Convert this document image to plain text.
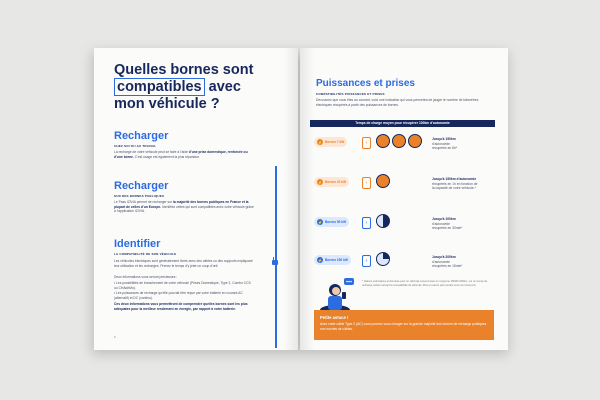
Quelles bornes sont
compatibles avec
mon véhicule ?

Recharger

CHEZ SOI OU AU TRAVAIL

La recharge de votre véhicule peut se faire à l’aide d’une prise domestique, renforcée ou d’une borne. C’est usage est également la plus répandue.

Recharger

SUR DES BORNES PUBLIQUES

Le Pass IZIVIA permet de recharger sur la majorité des bornes publiques en France et la plupart de celles d’un Europe. Identifiez celles qui sont compatibles avec votre véhicule grâce à l’application IZIVIA.

Identifier

LA COMPATIBILITÉ DE SON VÉHICULE

Les véhicules électriques sont généralement livrés avec des câbles ou des supports expliquant leur utilisation et les recharges. Prenez le temps d’y jeter un coup d’œil.

Deux informations vous seront précieuses :

• Les possibilités de branchement de votre véhicule (Prises Domestique, Type 2, Combo CCS ou CHAdeMo).

• Les puissances de recharge qu’elle pouvait être reçue par votre batterie en courant AC (alternatif) et DC (continu).

Ces deux informations vous permettront de comprendre quelles bornes sont les plus adéquates pour la meilleur rendement en énergie, par rapport à votre batterie.

6

Puissances et prises

COMPATIBILITÉS PUISSANCES ET PRISES

Découvrez que vous êtes au courant, voici une indication qui vous permettra de jauger le nombre de kilomètres électriques récupérés à partir des puissances de bornes.

Temps de charge moyen pour récupérer 100km d’autonomie
⚡ Bornes 7 kW	›

Jusqu’à 150km
d’autonomie
récupérés en 6h*

⚡ Bornes 22 kW	›

Jusqu’à 150km d’autonomie
récupérés en 1h en fonction de
la capacité de votre véhicule.*

⚡ Bornes 50 kW	›

Jusqu’à 100km
d’autonomie
récupérés en 30min*

⚡ Bornes 150 kW	›

Jusqu’à 200km
d’autonomie
récupérés en 15min*

* Valeurs estimatives et données pour un véhicule consommant en moyenne 15kWh/100km, sur un temps de recharge variant suivant la compatibilité du véhicule. Plus en savoir plus rendez-vous sur izivia.com

Petite astuce !

Avec votre câble Type 2 (AC) vous pourrez vous charger sur la grande majorité des bornes de recharge publiques non munies de câbles.

7
